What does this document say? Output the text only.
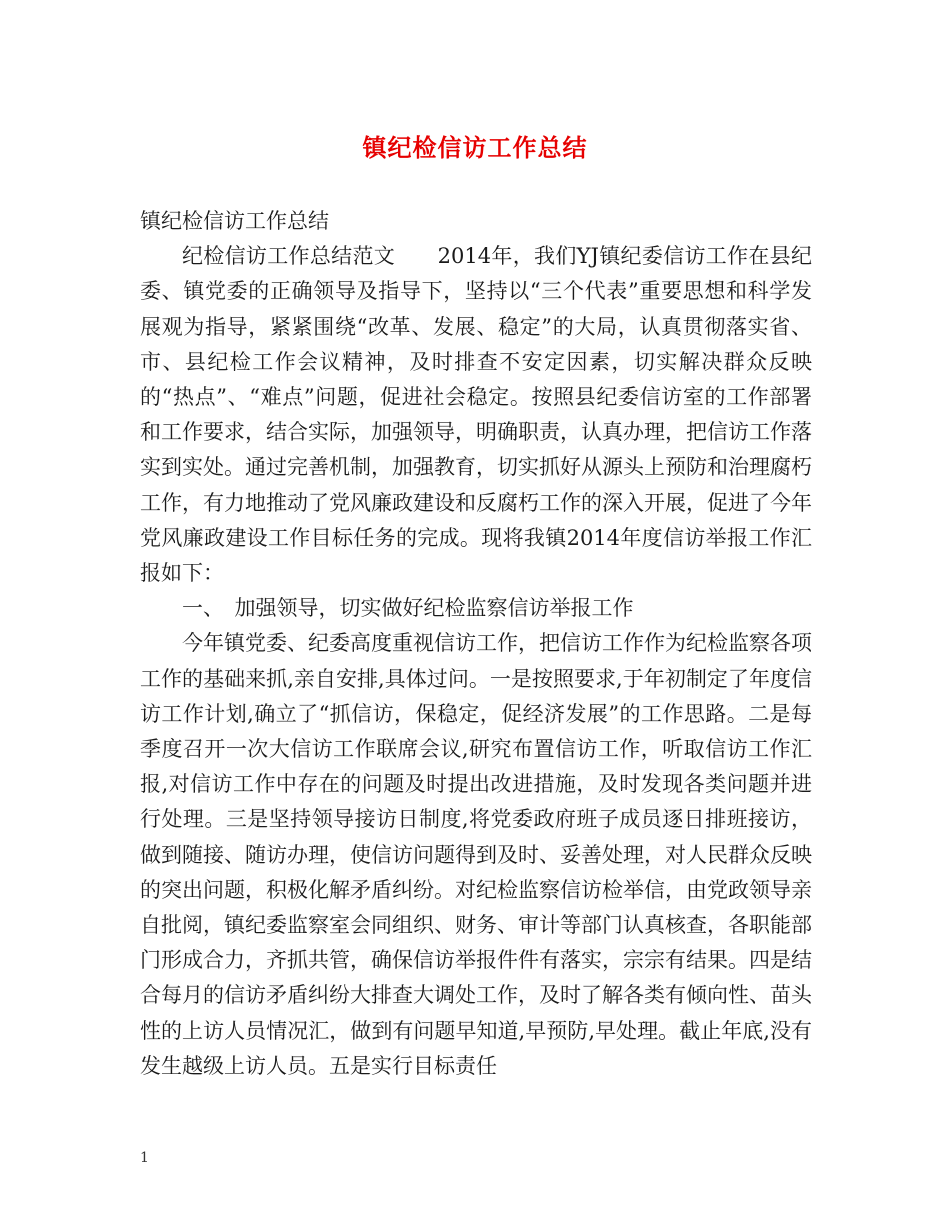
镇纪检信访工作总结

镇纪检信访工作总结

纪检信访工作总结范文　　2014年，我们YJ镇纪委信访工作在县纪委、镇党委的正确领导及指导下，坚持以“三个代表”重要思想和科学发展观为指导，紧紧围绕“改革、发展、稳定”的大局，认真贯彻落实省、市、县纪检工作会议精神，及时排查不安定因素，切实解决群众反映的“热点”、“难点”问题，促进社会稳定。按照县纪委信访室的工作部署和工作要求，结合实际，加强领导，明确职责，认真办理，把信访工作落实到实处。通过完善机制，加强教育，切实抓好从源头上预防和治理腐朽工作，有力地推动了党风廉政建设和反腐朽工作的深入开展，促进了今年党风廉政建设工作目标任务的完成。现将我镇2014年度信访举报工作汇报如下：

一、　加强领导，切实做好纪检监察信访举报工作

今年镇党委、纪委高度重视信访工作，把信访工作作为纪检监察各项工作的基础来抓,亲自安排,具体过问。一是按照要求,于年初制定了年度信访工作计划,确立了“抓信访，保稳定，促经济发展”的工作思路。二是每季度召开一次大信访工作联席会议,研究布置信访工作，听取信访工作汇报,对信访工作中存在的问题及时提出改进措施，及时发现各类问题并进行处理。三是坚持领导接访日制度,将党委政府班子成员逐日排班接访，做到随接、随访办理，使信访问题得到及时、妥善处理，对人民群众反映的突出问题，积极化解矛盾纠纷。对纪检监察信访检举信，由党政领导亲自批阅，镇纪委监察室会同组织、财务、审计等部门认真核查，各职能部门形成合力，齐抓共管，确保信访举报件件有落实，宗宗有结果。四是结合每月的信访矛盾纠纷大排查大调处工作，及时了解各类有倾向性、苗头性的上访人员情况汇，做到有问题早知道,早预防,早处理。截止年底,没有发生越级上访人员。五是实行目标责任

1
